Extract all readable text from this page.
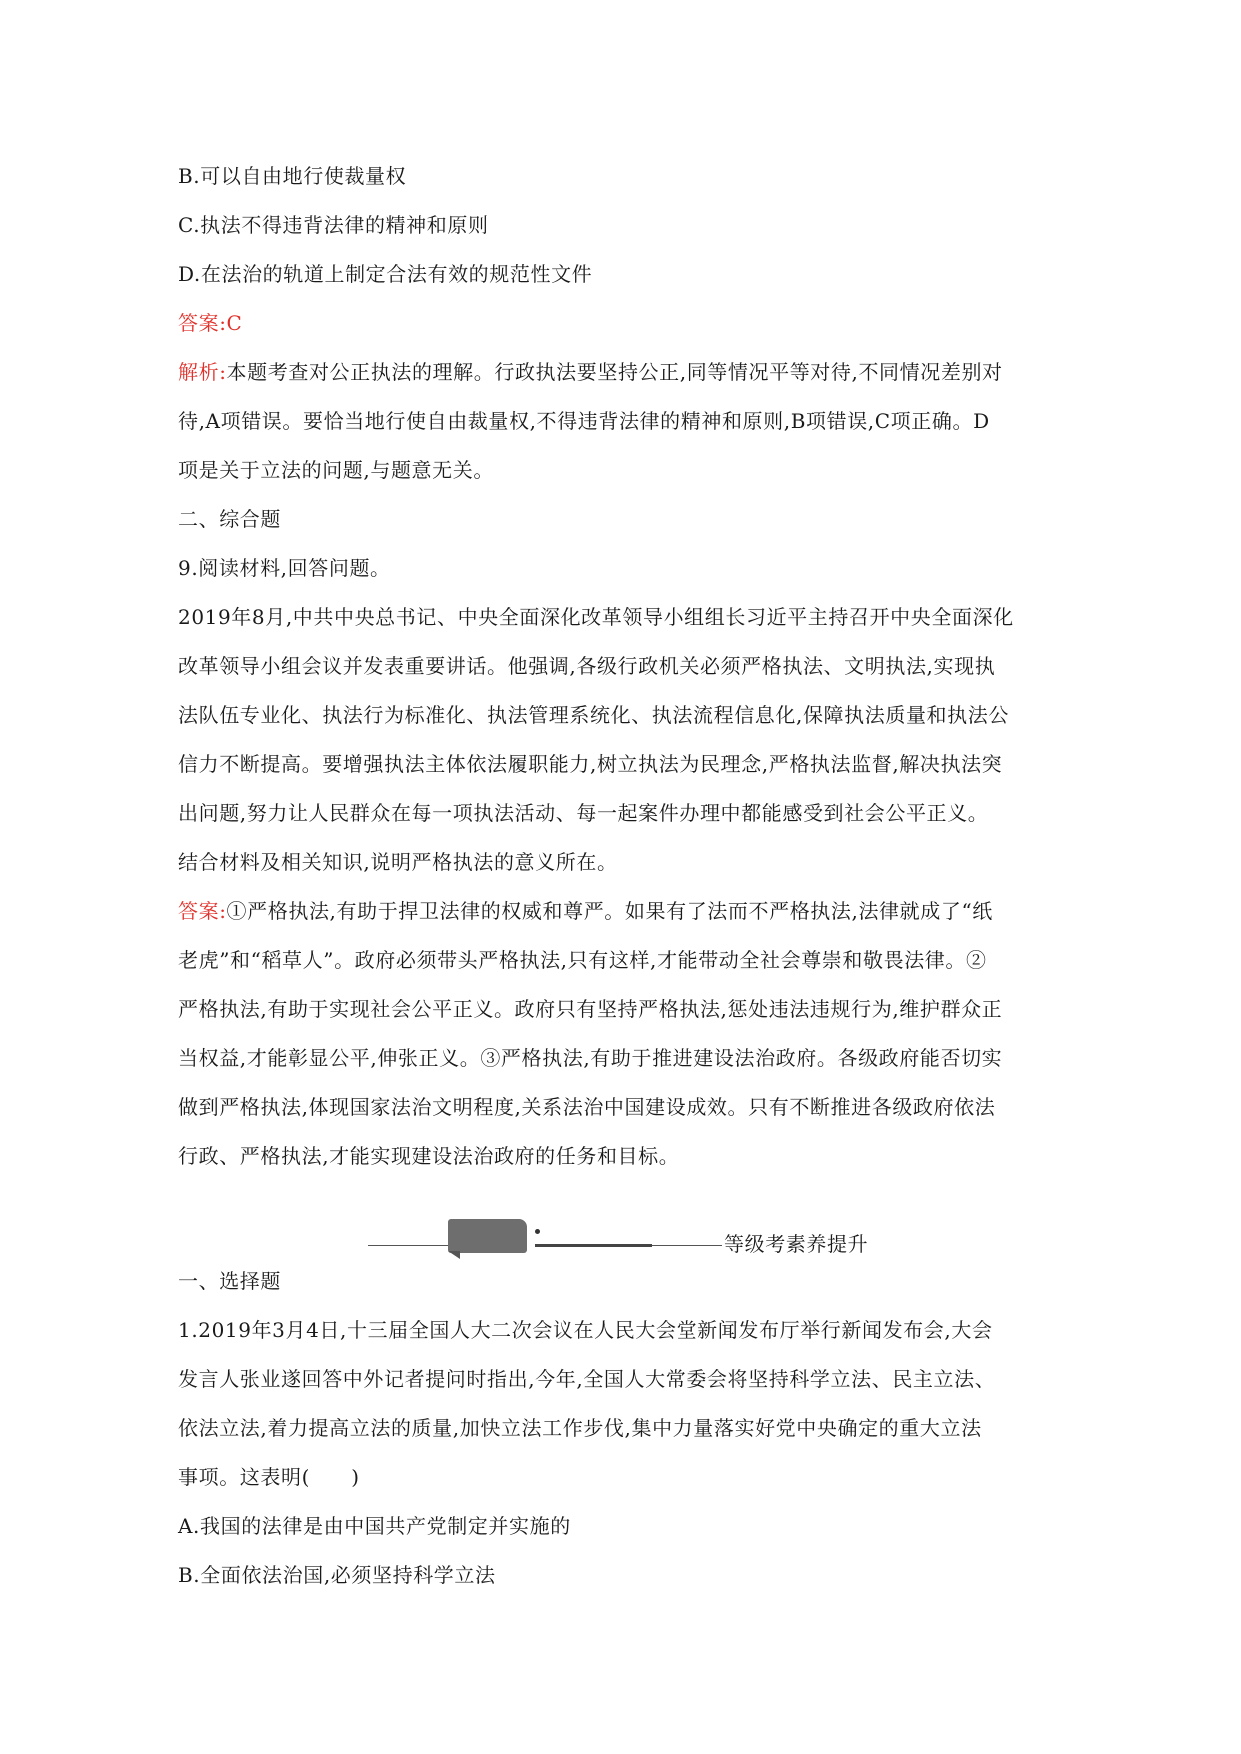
B.可以自由地行使裁量权
C.执法不得违背法律的精神和原则
D.在法治的轨道上制定合法有效的规范性文件
答案:C
解析:本题考查对公正执法的理解。行政执法要坚持公正,同等情况平等对待,不同情况差别对
待,A项错误。要恰当地行使自由裁量权,不得违背法律的精神和原则,B项错误,C项正确。D
项是关于立法的问题,与题意无关。
二、综合题
9.阅读材料,回答问题。
2019年8月,中共中央总书记、中央全面深化改革领导小组组长习近平主持召开中央全面深化
改革领导小组会议并发表重要讲话。他强调,各级行政机关必须严格执法、文明执法,实现执
法队伍专业化、执法行为标准化、执法管理系统化、执法流程信息化,保障执法质量和执法公
信力不断提高。要增强执法主体依法履职能力,树立执法为民理念,严格执法监督,解决执法突
出问题,努力让人民群众在每一项执法活动、每一起案件办理中都能感受到社会公平正义。
结合材料及相关知识,说明严格执法的意义所在。
答案:①严格执法,有助于捍卫法律的权威和尊严。如果有了法而不严格执法,法律就成了“纸
老虎”和“稻草人”。政府必须带头严格执法,只有这样,才能带动全社会尊崇和敬畏法律。②
严格执法,有助于实现社会公平正义。政府只有坚持严格执法,惩处违法违规行为,维护群众正
当权益,才能彰显公平,伸张正义。③严格执法,有助于推进建设法治政府。各级政府能否切实
做到严格执法,体现国家法治文明程度,关系法治中国建设成效。只有不断推进各级政府依法
行政、严格执法,才能实现建设法治政府的任务和目标。
等级考素养提升
一、选择题
1.2019年3月4日,十三届全国人大二次会议在人民大会堂新闻发布厅举行新闻发布会,大会
发言人张业遂回答中外记者提问时指出,今年,全国人大常委会将坚持科学立法、民主立法、
依法立法,着力提高立法的质量,加快立法工作步伐,集中力量落实好党中央确定的重大立法
事项。这表明(　　)
A.我国的法律是由中国共产党制定并实施的
B.全面依法治国,必须坚持科学立法
